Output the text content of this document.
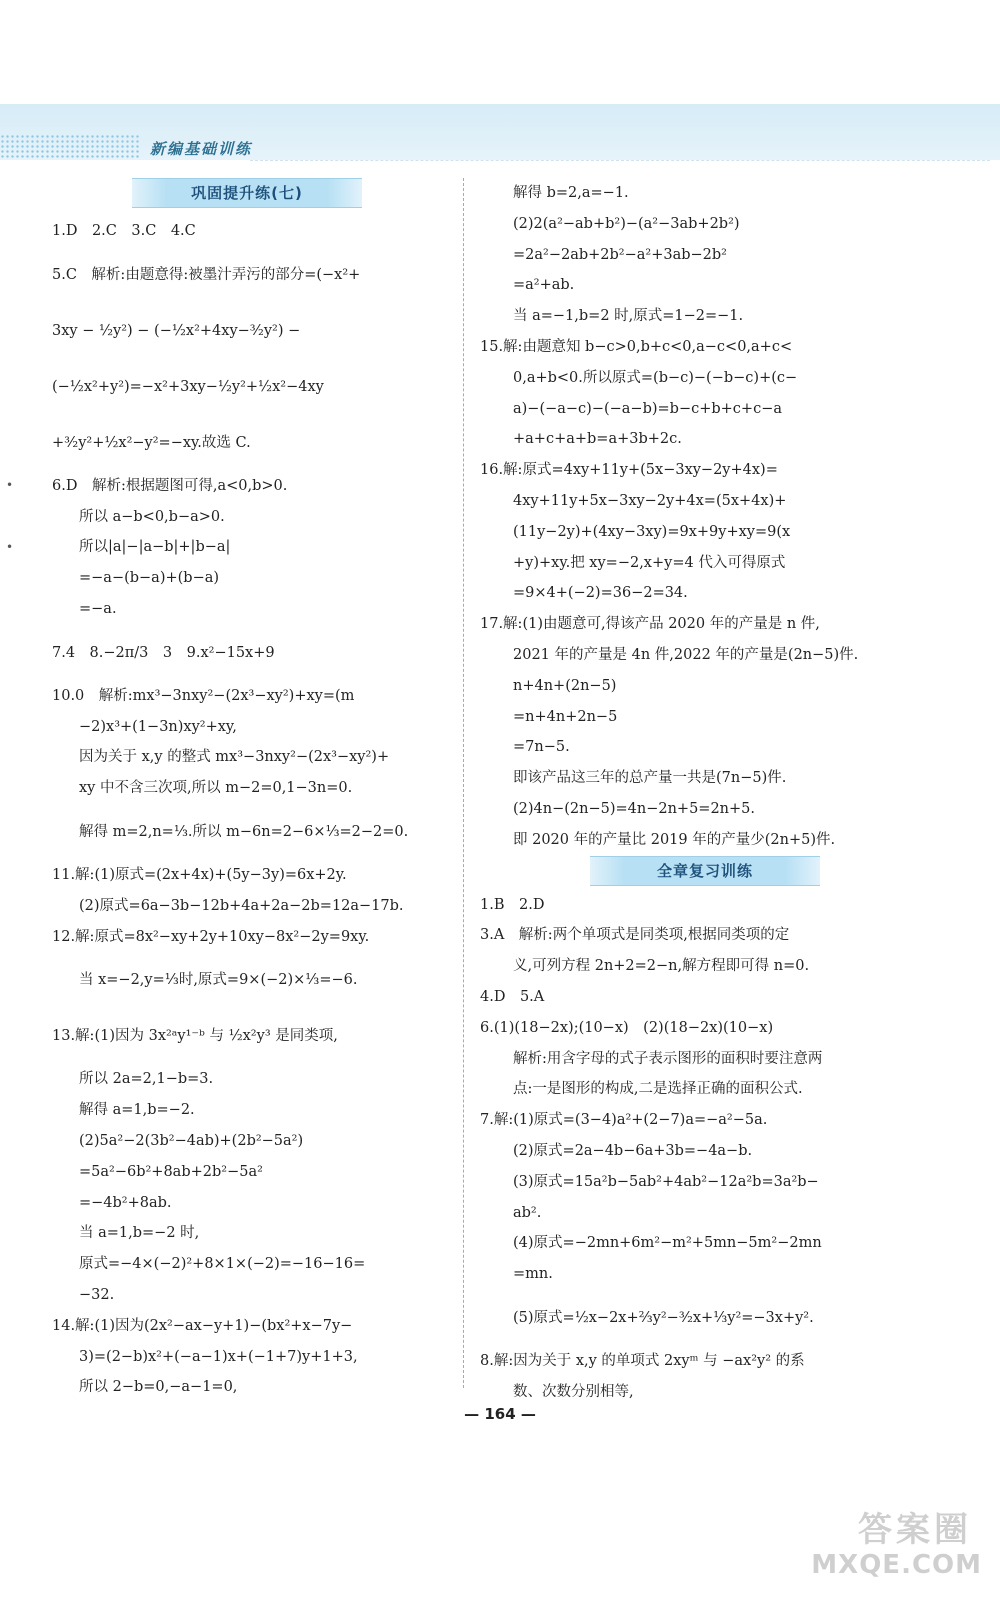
新编基础训练
•
•
巩固提升练(七)
1.D　2.C　3.C　4.C
5.C　解析:由题意得:被墨汁弄污的部分=(−x²+
3xy − ½y²) − (−½x²+4xy−³⁄₂y²) −
(−½x²+y²)=−x²+3xy−½y²+½x²−4xy
+³⁄₂y²+½x²−y²=−xy.故选 C.
6.D　解析:根据题图可得,a<0,b>0.
所以 a−b<0,b−a>0.
所以|a|−|a−b|+|b−a|
=−a−(b−a)+(b−a)
=−a.
7.4　8.−2π/3　3　9.x²−15x+9
10.0　解析:mx³−3nxy²−(2x³−xy²)+xy=(m
−2)x³+(1−3n)xy²+xy,
因为关于 x,y 的整式 mx³−3nxy²−(2x³−xy²)+
xy 中不含三次项,所以 m−2=0,1−3n=0.
解得 m=2,n=⅓.所以 m−6n=2−6×⅓=2−2=0.
11.解:(1)原式=(2x+4x)+(5y−3y)=6x+2y.
(2)原式=6a−3b−12b+4a+2a−2b=12a−17b.
12.解:原式=8x²−xy+2y+10xy−8x²−2y=9xy.
当 x=−2,y=⅓时,原式=9×(−2)×⅓=−6.
13.解:(1)因为 3x²ᵃy¹⁻ᵇ 与 ½x²y³ 是同类项,
所以 2a=2,1−b=3.
解得 a=1,b=−2.
(2)5a²−2(3b²−4ab)+(2b²−5a²)
=5a²−6b²+8ab+2b²−5a²
=−4b²+8ab.
当 a=1,b=−2 时,
原式=−4×(−2)²+8×1×(−2)=−16−16=
−32.
14.解:(1)因为(2x²−ax−y+1)−(bx²+x−7y−
3)=(2−b)x²+(−a−1)x+(−1+7)y+1+3,
所以 2−b=0,−a−1=0,
解得 b=2,a=−1.
(2)2(a²−ab+b²)−(a²−3ab+2b²)
=2a²−2ab+2b²−a²+3ab−2b²
=a²+ab.
当 a=−1,b=2 时,原式=1−2=−1.
15.解:由题意知 b−c>0,b+c<0,a−c<0,a+c<
0,a+b<0.所以原式=(b−c)−(−b−c)+(c−
a)−(−a−c)−(−a−b)=b−c+b+c+c−a
+a+c+a+b=a+3b+2c.
16.解:原式=4xy+11y+(5x−3xy−2y+4x)=
4xy+11y+5x−3xy−2y+4x=(5x+4x)+
(11y−2y)+(4xy−3xy)=9x+9y+xy=9(x
+y)+xy.把 xy=−2,x+y=4 代入可得原式
=9×4+(−2)=36−2=34.
17.解:(1)由题意可,得该产品 2020 年的产量是 n 件,
2021 年的产量是 4n 件,2022 年的产量是(2n−5)件.
n+4n+(2n−5)
=n+4n+2n−5
=7n−5.
即该产品这三年的总产量一共是(7n−5)件.
(2)4n−(2n−5)=4n−2n+5=2n+5.
即 2020 年的产量比 2019 年的产量少(2n+5)件.
全章复习训练
1.B　2.D
3.A　解析:两个单项式是同类项,根据同类项的定
义,可列方程 2n+2=2−n,解方程即可得 n=0.
4.D　5.A
6.(1)(18−2x);(10−x)　(2)(18−2x)(10−x)
解析:用含字母的式子表示图形的面积时要注意两
点:一是图形的构成,二是选择正确的面积公式.
7.解:(1)原式=(3−4)a²+(2−7)a=−a²−5a.
(2)原式=2a−4b−6a+3b=−4a−b.
(3)原式=15a²b−5ab²+4ab²−12a²b=3a²b−
ab².
(4)原式=−2mn+6m²−m²+5mn−5m²−2mn
=mn.
(5)原式=½x−2x+⅔y²−³⁄₂x+⅓y²=−3x+y².
8.解:因为关于 x,y 的单项式 2xyᵐ 与 −ax²y² 的系
数、次数分别相等,
— 164 —
答案圈
MXQE.COM
